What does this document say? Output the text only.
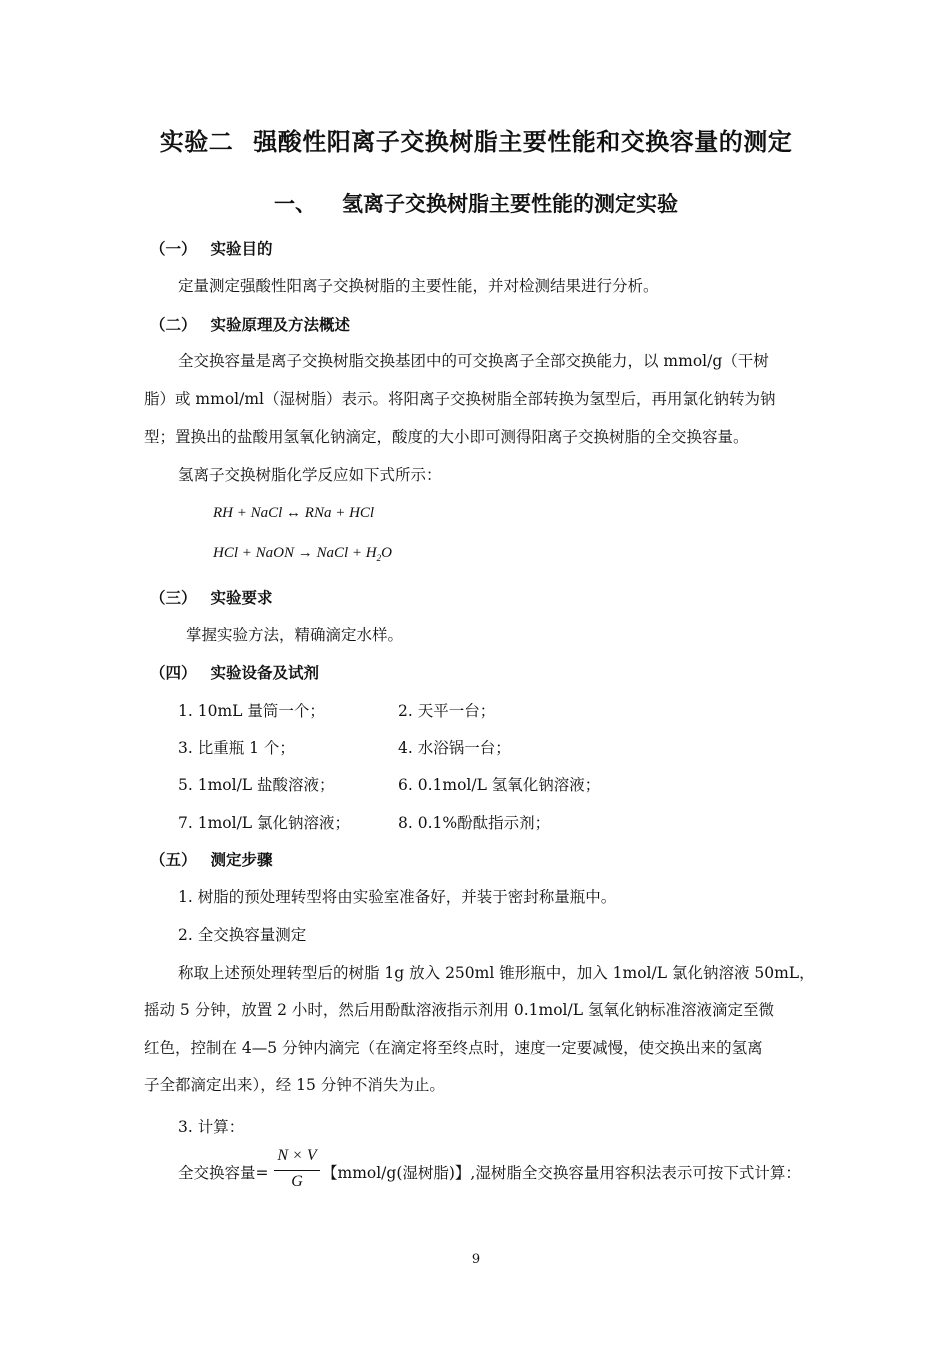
实验二 强酸性阳离子交换树脂主要性能和交换容量的测定
一、 氢离子交换树脂主要性能的测定实验
（一） 实验目的
定量测定强酸性阳离子交换树脂的主要性能，并对检测结果进行分析。
（二） 实验原理及方法概述
全交换容量是离子交换树脂交换基团中的可交换离子全部交换能力，以 mmol/g（干树
脂）或 mmol/ml（湿树脂）表示。将阳离子交换树脂全部转换为氢型后，再用氯化钠转为钠
型；置换出的盐酸用氢氧化钠滴定，酸度的大小即可测得阳离子交换树脂的全交换容量。
氢离子交换树脂化学反应如下式所示：
RH + NaCl ↔ RNa + HCl
HCl + NaON → NaCl + $H_2O$
（三） 实验要求
掌握实验方法，精确滴定水样。
（四） 实验设备及试剂
1. 10mL 量筒一个；	2. 天平一台；
3. 比重瓶 1 个；	4. 水浴锅一台；
5. 1mol/L 盐酸溶液；	6. 0.1mol/L 氢氧化钠溶液；
7. 1mol/L 氯化钠溶液；	8. 0.1%酚酞指示剂；
（五） 测定步骤
1. 树脂的预处理转型将由实验室准备好，并装于密封称量瓶中。
2. 全交换容量测定
称取上述预处理转型后的树脂 1g 放入 250ml 锥形瓶中，加入 1mol/L 氯化钠溶液 50mL，
摇动 5 分钟，放置 2 小时，然后用酚酞溶液指示剂用 0.1mol/L 氢氧化钠标准溶液滴定至微
红色，控制在 4—5 分钟内滴完（在滴定将至终点时，速度一定要减慢，使交换出来的氢离
子全都滴定出来），经 15 分钟不消失为止。
3. 计算：
全交换容量=
N × V
G	【mmol/g(湿树脂)】,湿树脂全交换容量用容积法表示可按下式计算：
9
